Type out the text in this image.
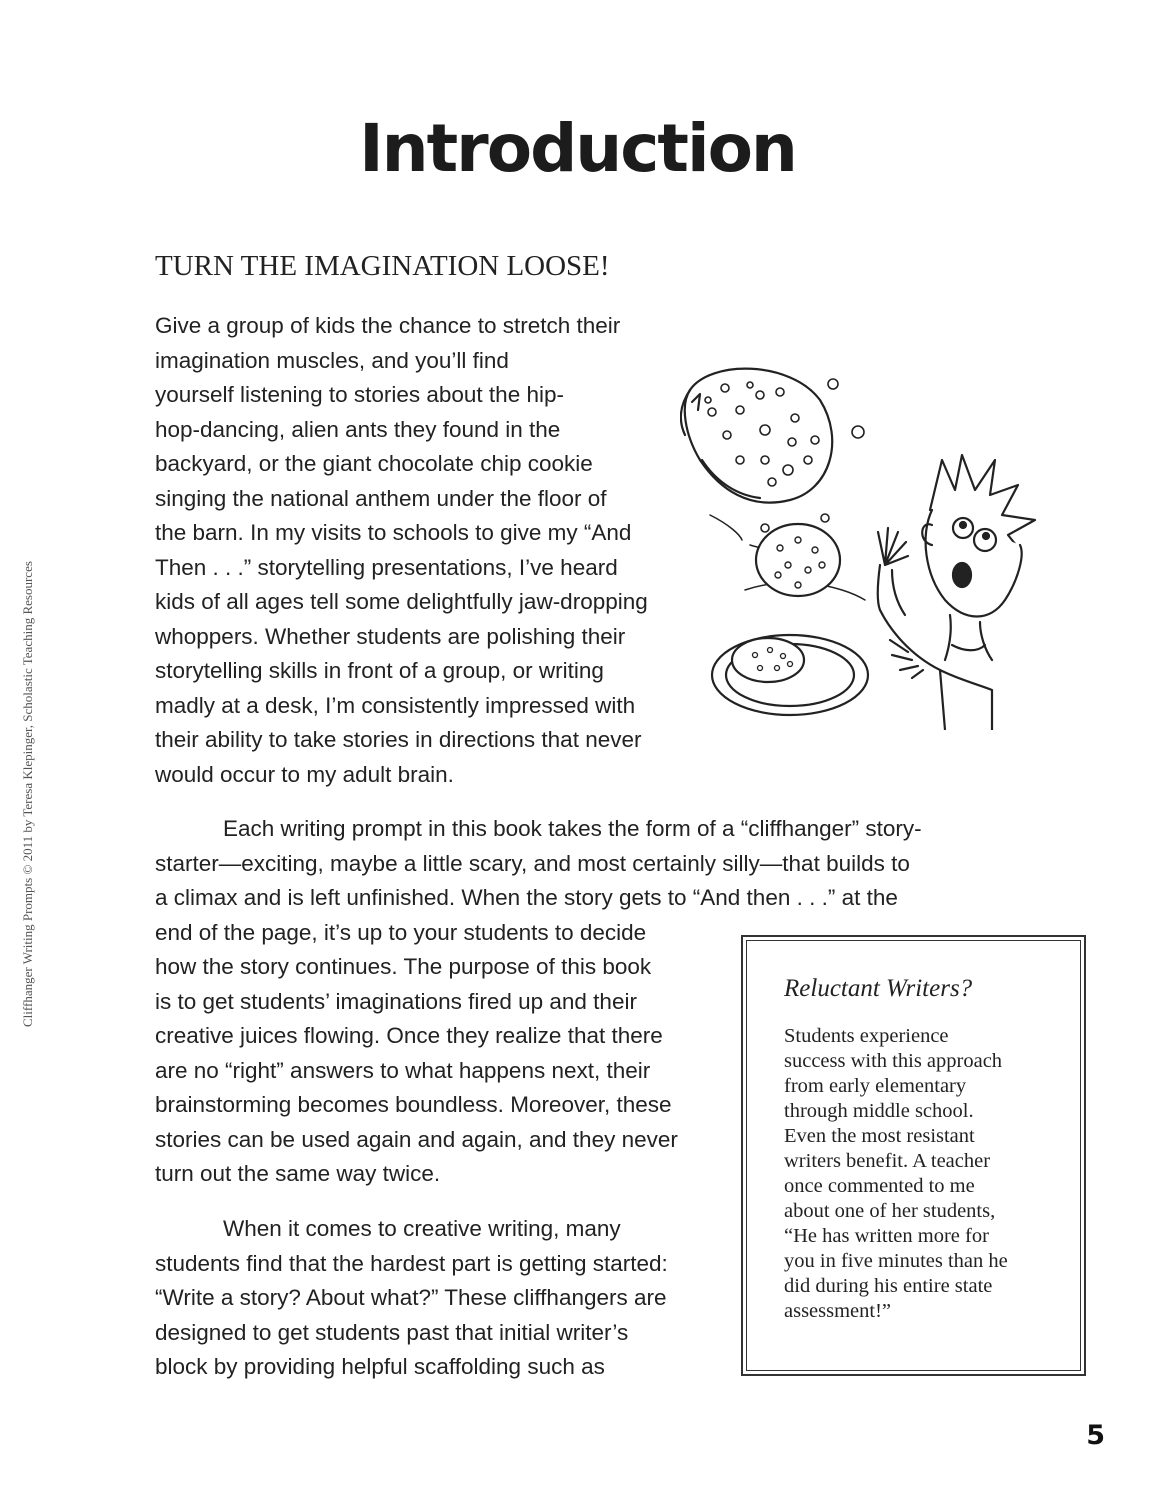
Introduction
TURN THE IMAGINATION LOOSE!

Give a group of kids the chance to stretch their
imagination muscles, and you’ll find
yourself listening to stories about the hip-
hop-dancing, alien ants they found in the
backyard, or the giant chocolate chip cookie
singing the national anthem under the floor of
the barn. In my visits to schools to give my “And
Then . . .” storytelling presentations, I’ve heard
kids of all ages tell some delightfully jaw-dropping
whoppers. Whether students are polishing their
storytelling skills in front of a group, or writing
madly at a desk, I’m consistently impressed with
their ability to take stories in directions that never
would occur to my adult brain.

Each writing prompt in this book takes the form of a “cliffhanger” story-
starter—exciting, maybe a little scary, and most certainly silly—that builds to
a climax and is left unfinished. When the story gets to “And then . . .” at the
end of the page, it’s up to your students to decide
how the story continues. The purpose of this book
is to get students’ imaginations fired up and their
creative juices flowing. Once they realize that there
are no “right” answers to what happens next, their
brainstorming becomes boundless. Moreover, these
stories can be used again and again, and they never
turn out the same way twice.

When it comes to creative writing, many
students find that the hardest part is getting started:
“Write a story? About what?” These cliffhangers are
designed to get students past that initial writer’s
block by providing helpful scaffolding such as

Reluctant Writers?

Students experience
success with this approach
from early elementary
through middle school.
Even the most resistant
writers benefit. A teacher
once commented to me
about one of her students,
“He has written more for
you in five minutes than he
did during his entire state
assessment!”

Cliffhanger Writing Prompts © 2011 by Teresa Klepinger, Scholastic Teaching Resources
5
